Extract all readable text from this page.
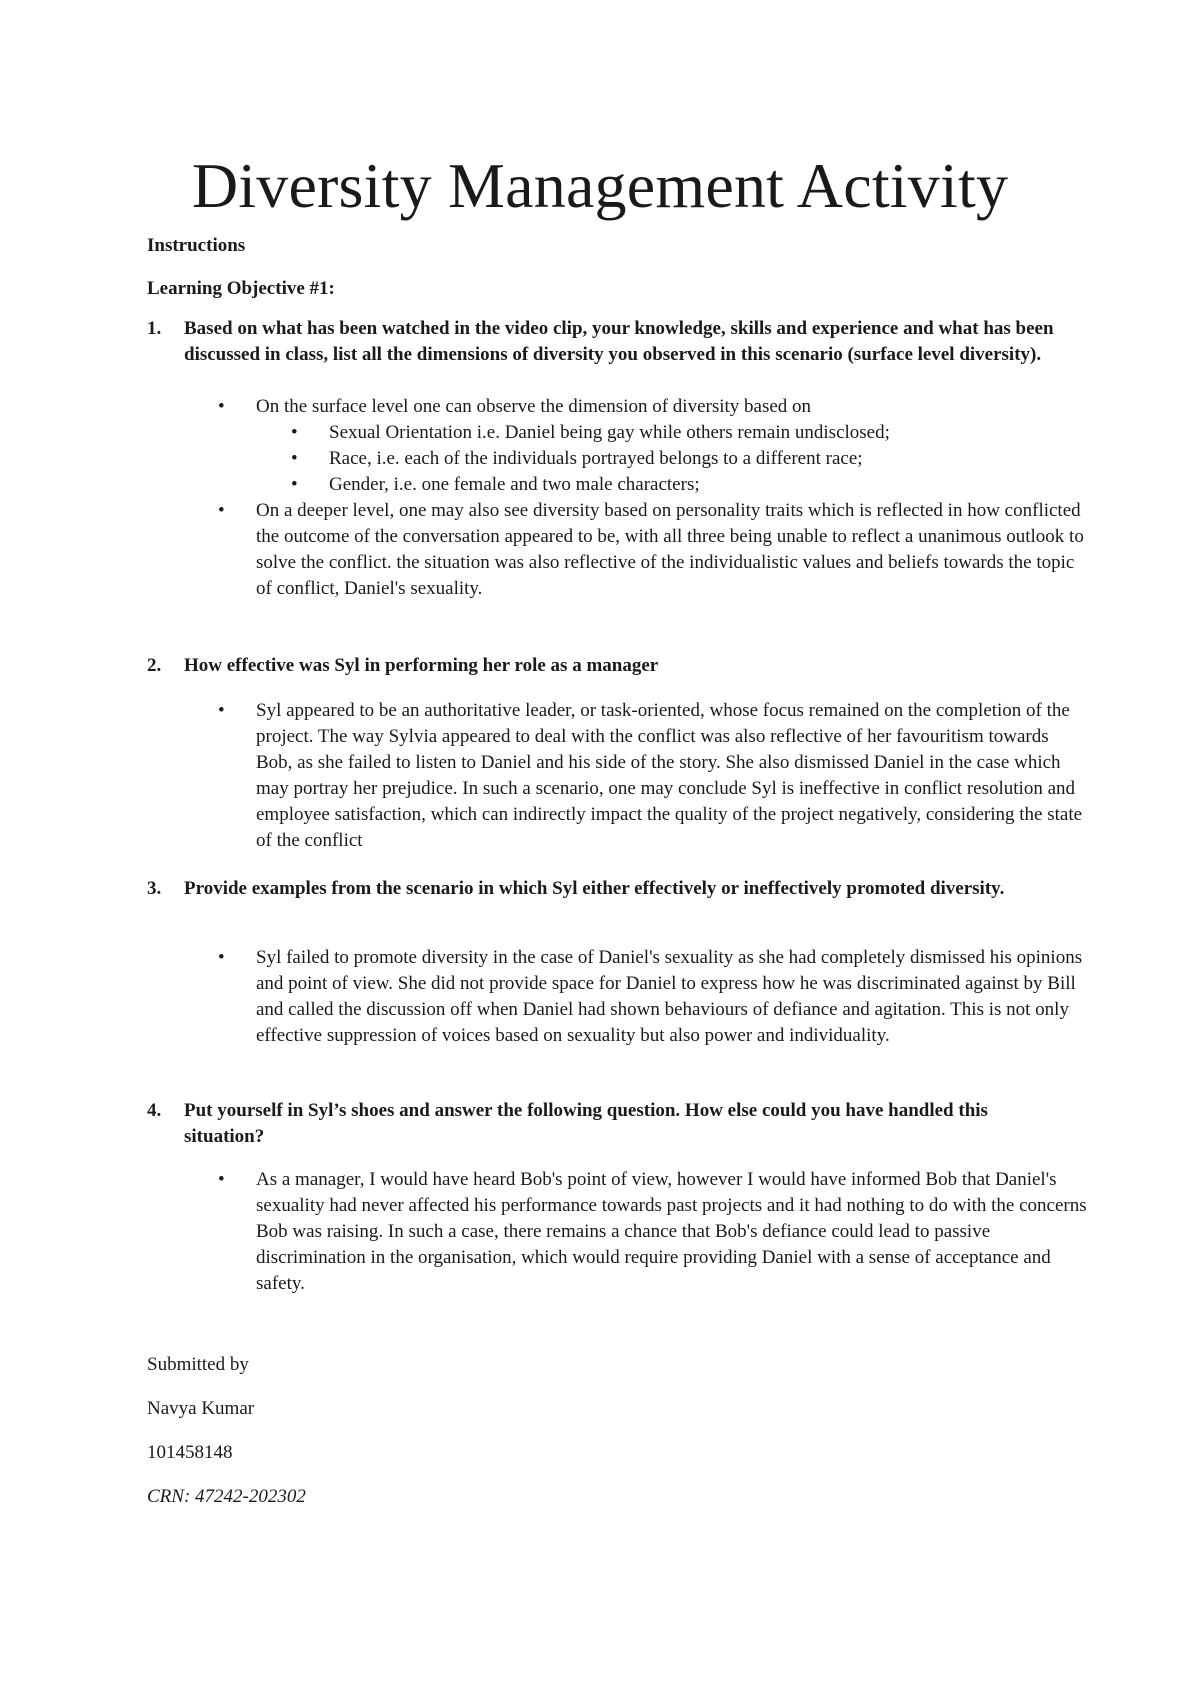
Diversity Management Activity
Instructions
Learning Objective #1:
1. Based on what has been watched in the video clip, your knowledge, skills and experience and what has been discussed in class, list all the dimensions of diversity you observed in this scenario (surface level diversity).
• On the surface level one can observe the dimension of diversity based on
• Sexual Orientation i.e. Daniel being gay while others remain undisclosed;
• Race, i.e. each of the individuals portrayed belongs to a different race;
• Gender, i.e. one female and two male characters;
• On a deeper level, one may also see diversity based on personality traits which is reflected in how conflicted the outcome of the conversation appeared to be, with all three being unable to reflect a unanimous outlook to solve the conflict. the situation was also reflective of the individualistic values and beliefs towards the topic of conflict, Daniel's sexuality.
2. How effective was Syl in performing her role as a manager
• Syl appeared to be an authoritative leader, or task-oriented, whose focus remained on the completion of the project. The way Sylvia appeared to deal with the conflict was also reflective of her favouritism towards Bob, as she failed to listen to Daniel and his side of the story. She also dismissed Daniel in the case which may portray her prejudice. In such a scenario, one may conclude Syl is ineffective in conflict resolution and employee satisfaction, which can indirectly impact the quality of the project negatively, considering the state of the conflict
3. Provide examples from the scenario in which Syl either effectively or ineffectively promoted diversity.
• Syl failed to promote diversity in the case of Daniel's sexuality as she had completely dismissed his opinions and point of view. She did not provide space for Daniel to express how he was discriminated against by Bill and called the discussion off when Daniel had shown behaviours of defiance and agitation. This is not only effective suppression of voices based on sexuality but also power and individuality.
4. Put yourself in Syl’s shoes and answer the following question. How else could you have handled this situation?
• As a manager, I would have heard Bob's point of view, however I would have informed Bob that Daniel's sexuality had never affected his performance towards past projects and it had nothing to do with the concerns Bob was raising. In such a case, there remains a chance that Bob's defiance could lead to passive discrimination in the organisation, which would require providing Daniel with a sense of acceptance and safety.
Submitted by
Navya Kumar
101458148
CRN: 47242-202302
